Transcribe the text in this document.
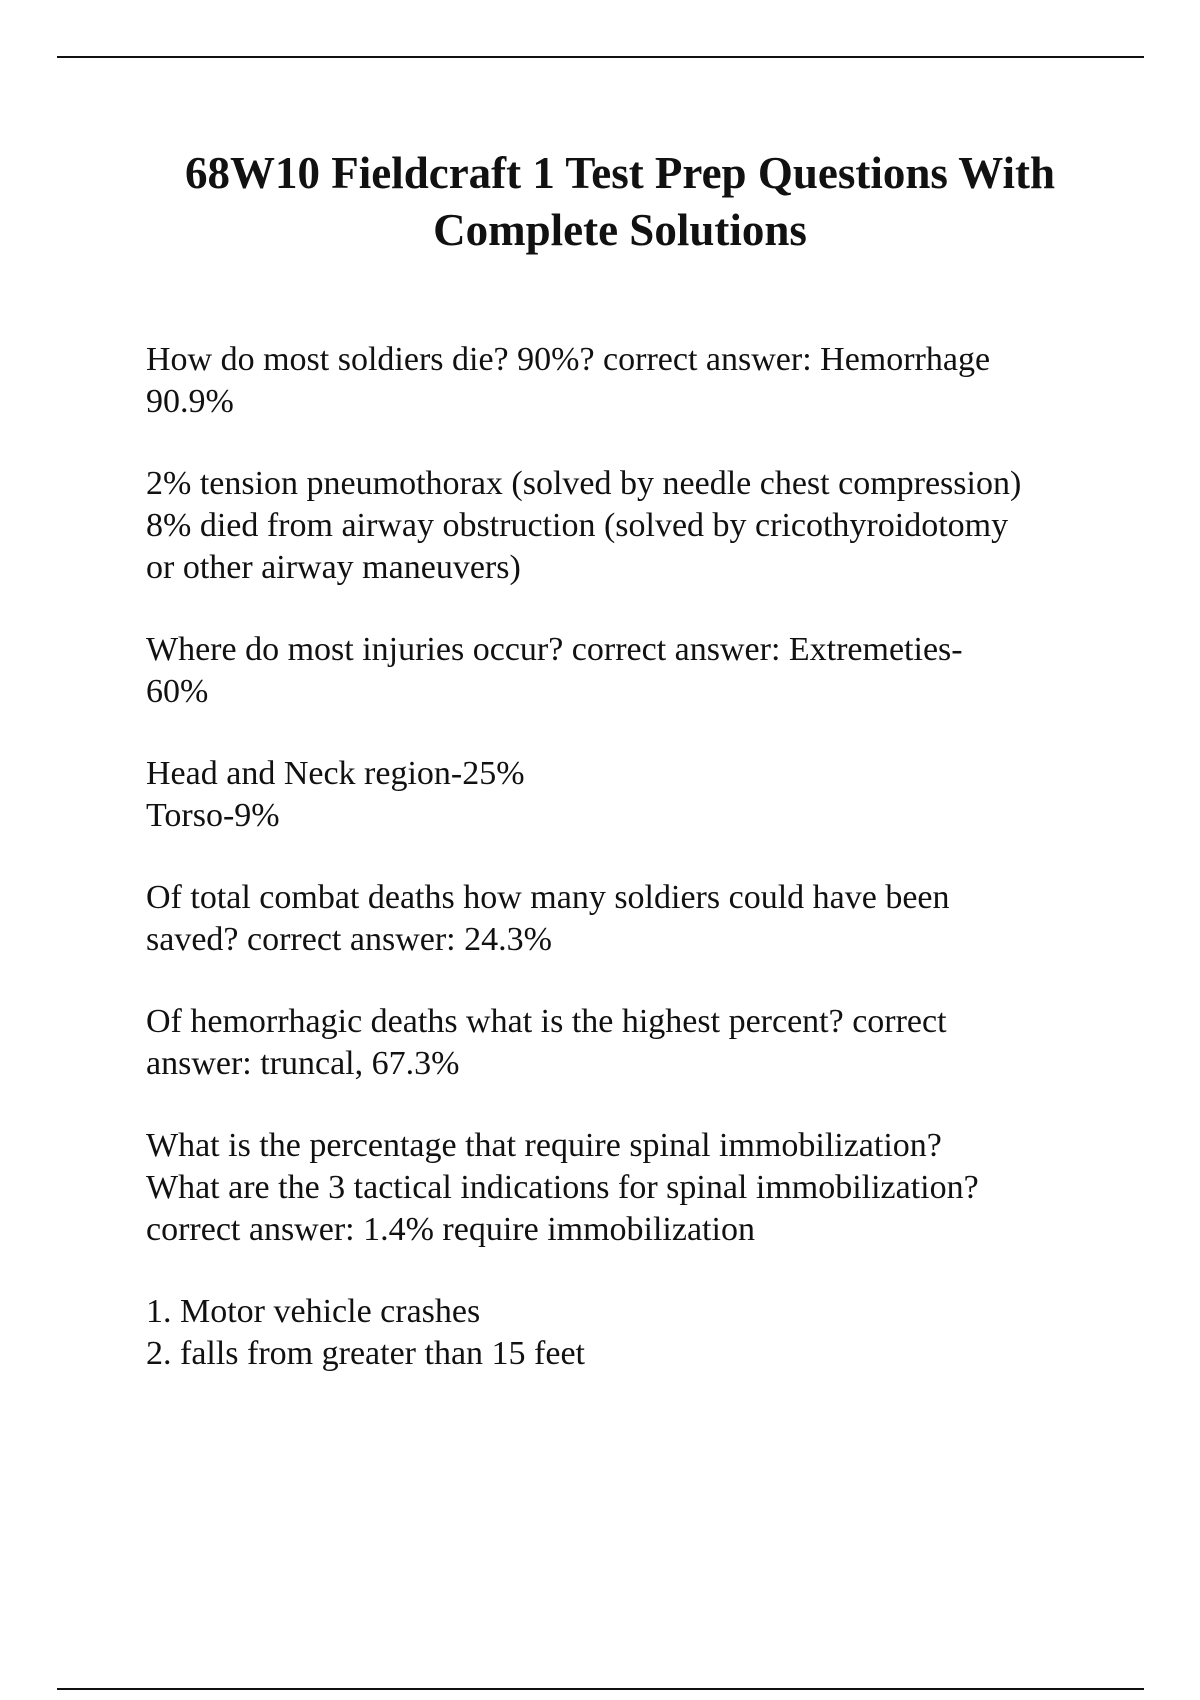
68W10 Fieldcraft 1 Test Prep Questions With
Complete Solutions

How do most soldiers die? 90%? correct answer: Hemorrhage
90.9%

2% tension pneumothorax (solved by needle chest compression)
8% died from airway obstruction (solved by cricothyroidotomy
or other airway maneuvers)

Where do most injuries occur? correct answer: Extremeties-
60%

Head and Neck region-25%
Torso-9%

Of total combat deaths how many soldiers could have been
saved? correct answer: 24.3%

Of hemorrhagic deaths what is the highest percent? correct
answer: truncal, 67.3%

What is the percentage that require spinal immobilization?
What are the 3 tactical indications for spinal immobilization?
correct answer: 1.4% require immobilization

1. Motor vehicle crashes
2. falls from greater than 15 feet
